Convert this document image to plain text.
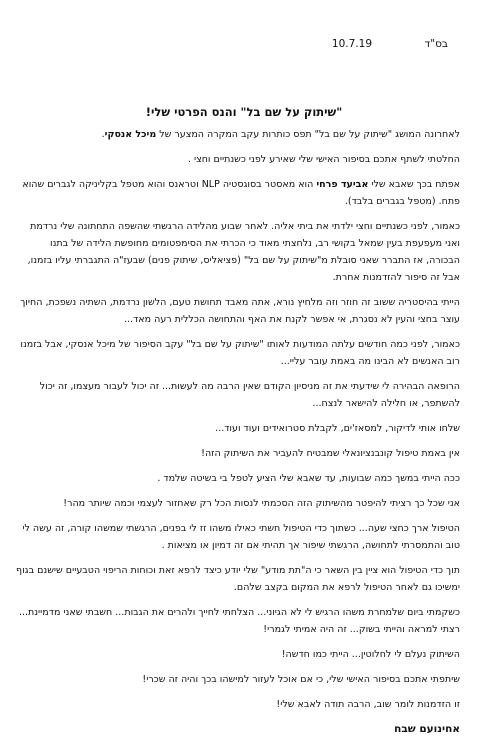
בס"ד
10.7.19
"שיתוק על שם בל" והנס הפרטי שלי!

לאחרונה המושג "שיתוק על שם בל" תפס כותרות עקב המקרה המצער של מיכל אנסקי.

החלטתי לשתף אתכם בסיפור האישי שלי שאירע לפני כשנתיים וחצי .

אפתח בכך שאבא שלי אביעד פרחי הוא מאסטר בסוגסטיה NLP וטראנס והוא מטפל בקליניקה לגברים שהוא פתח. (מטפל בגברים בלבד).

כאמור, לפני כשנתיים וחצי ילדתי את ביתי אליה. לאחר שבוע מהלידה הרגשתי שהשפה התחתונה שלי נרדמת ואני מעפעפת בעין שמאל בקושי רב, נלחצתי מאוד כי הכרתי את הסימפטומים מחופשת הלידה של בתנו הבכורה, אז התברר שאני סובלת מ"שיתוק על שם בל" (פציאליס, שיתוק פנים) שבעז"ה התגברתי עליו בזמנו, אבל זה סיפור להזדמנות אחרת.

הייתי בהיסטריה ששוב זה חוזר וזה מלחיץ נורא, אתה מאבד תחושת טעם, הלשון נרדמת, השתיה נשפכת, החיוך עוצר בחצי והעין לא נסגרת, אי אפשר לקנח את האף והתחושה הכללית רעה מאד...

כאמור, לפני כמה חודשים עלתה המודעות לאותו "שיתוק על שם בל" עקב הסיפור של מיכל אנסקי, אבל בזמנו רוב האנשים לא הבינו מה באמת עובר עליי...

הרופאה הבהירה לי שידעתי את זה מניסיון הקודם שאין הרבה מה לעשות... זה יכול לעבור מעצמו, זה יכול להשתפר, או חלילה להישאר לנצח...

שלחו אותי לדיקור, למסאז'ים, לקבלת סטרואידים ועוד ועוד...

אין באמת טיפול קונבנציונאלי שמבטיח להעביר את השיתוק הזה!

ככה הייתי במשך כמה שבועות, עד שאבא שלי הציע לטפל בי בשיטה שלמד .

אני שכל כך רציתי להיפטר מהשיתוק הזה הסכמתי לנסות הכל רק שאחזור לעצמי וכמה שיותר מהר!

הטיפול ארך כחצי שעה... כשתוך כדי הטיפול חשתי כאילו משהו זז לי בפנים, הרגשתי שמשהו קורה, זה עשה לי טוב והתמסרתי לתחושה, הרגשתי שיפור אך תהיתי אם זה דמיון או מציאות .

תוך כדי הטיפול הוא ציין בין השאר כי ה"תת מודע" שלי יודע כיצד לרפא זאת וכוחות הריפוי הטבעיים שישנם בגוף ימשיכו גם לאחר הטיפול לרפא את המקום בקצב שלהם.

כשקמתי ביום שלמחרת משהו הרגיש לי לא הגיוני... הצלחתי לחייך ולהרים את הגבות... חשבתי שאני מדמיינת... רצתי למראה והייתי בשוק... זה היה אמיתי לגמרי!

השיתוק נעלם לי לחלוטין... הייתי כמו חדשה!

שיתפתי אתכם בסיפור האישי שלי, כי אם אוכל לעזור למישהו בכך והיה זה שכרי!

זו הזדמנות לומר שוב, הרבה תודה לאבא שלי!

אחינועם שבח
